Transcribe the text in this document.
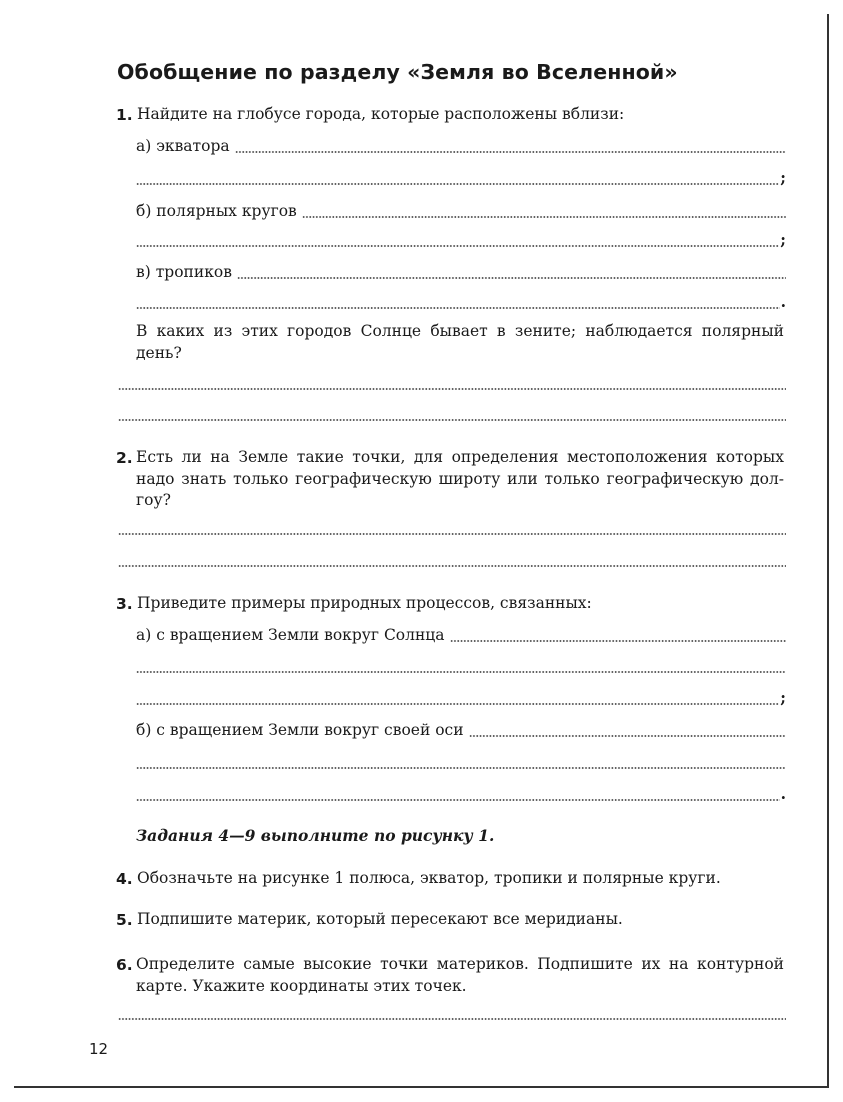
Обобщение по разделу «Земля во Вселенной»
1. Найдите на глобусе города, которые расположены вблизи:
а) экватора
;
б) полярных кругов
;
в) тропиков
.
В каких из этих городов Солнце бывает в зените; наблюдается полярный день?
2. Есть ли на Земле такие точки, для определения местоположения которых надо знать только географическую широту или только географическую дол-гоу?
3. Приведите примеры природных процессов, связанных:
а) с вращением Земли вокруг Солнца
;
б) с вращением Земли вокруг своей оси
.
Задания 4—9 выполните по рисунку 1.
4. Обозначьте на рисунке 1 полюса, экватор, тропики и полярные круги.
5. Подпишите материк, который пересекают все меридианы.
6. Определите самые высокие точки материков. Подпишите их на контурной карте. Укажите координаты этих точек.
12
